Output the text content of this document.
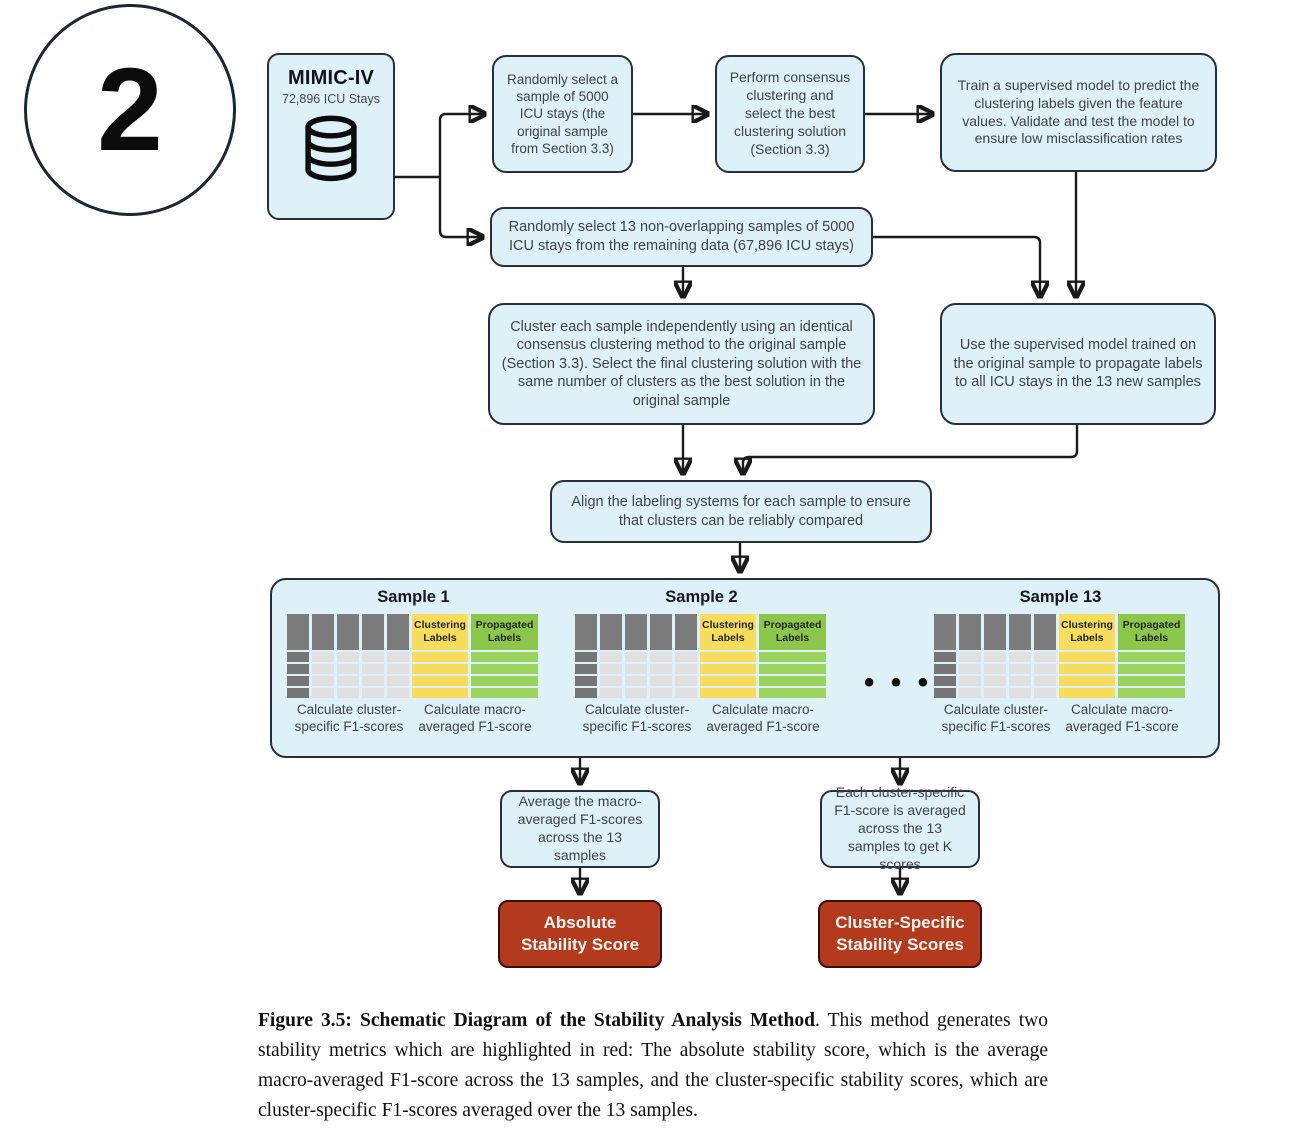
2	MIMIC-IV
72,896 ICU Stays
Randomly select a sample of 5000 ICU stays (the original sample from Section 3.3)
Perform consensus clustering and select the best clustering solution (Section 3.3)
Train a supervised model to predict the clustering labels given the feature values. Validate and test the model to ensure low misclassification rates
Randomly select 13 non-overlapping samples of 5000 ICU stays from the remaining data (67,896 ICU stays)
Cluster each sample independently using an identical consensus clustering method to the original sample (Section 3.3). Select the final clustering solution with the same number of clusters as the best solution in the original sample
Use the supervised model trained on the original sample to propagate labels to all ICU stays in the 13 new samples
Align the labeling systems for each sample to ensure that clusters can be reliably compared
Sample 1
Clustering Labels
Propagated Labels
Calculate cluster-specific F1-scores
Calculate macro-averaged F1-score
Sample 2
Clustering Labels
Propagated Labels
Calculate cluster-specific F1-scores
Calculate macro-averaged F1-score
• • •
Sample 13
Clustering Labels
Propagated Labels
Calculate cluster-specific F1-scores
Calculate macro-averaged F1-score
Average the macro-averaged F1-scores across the 13 samples
Each cluster-specific F1-score is averaged across the 13 samples to get K scores
Absolute Stability Score
Cluster-Specific Stability Scores

Figure 3.5: Schematic Diagram of the Stability Analysis Method. This method generates two stability metrics which are highlighted in red: The absolute stability score, which is the average macro-averaged F1-score across the 13 samples, and the cluster-specific stability scores, which are cluster-specific F1-scores averaged over the 13 samples.
